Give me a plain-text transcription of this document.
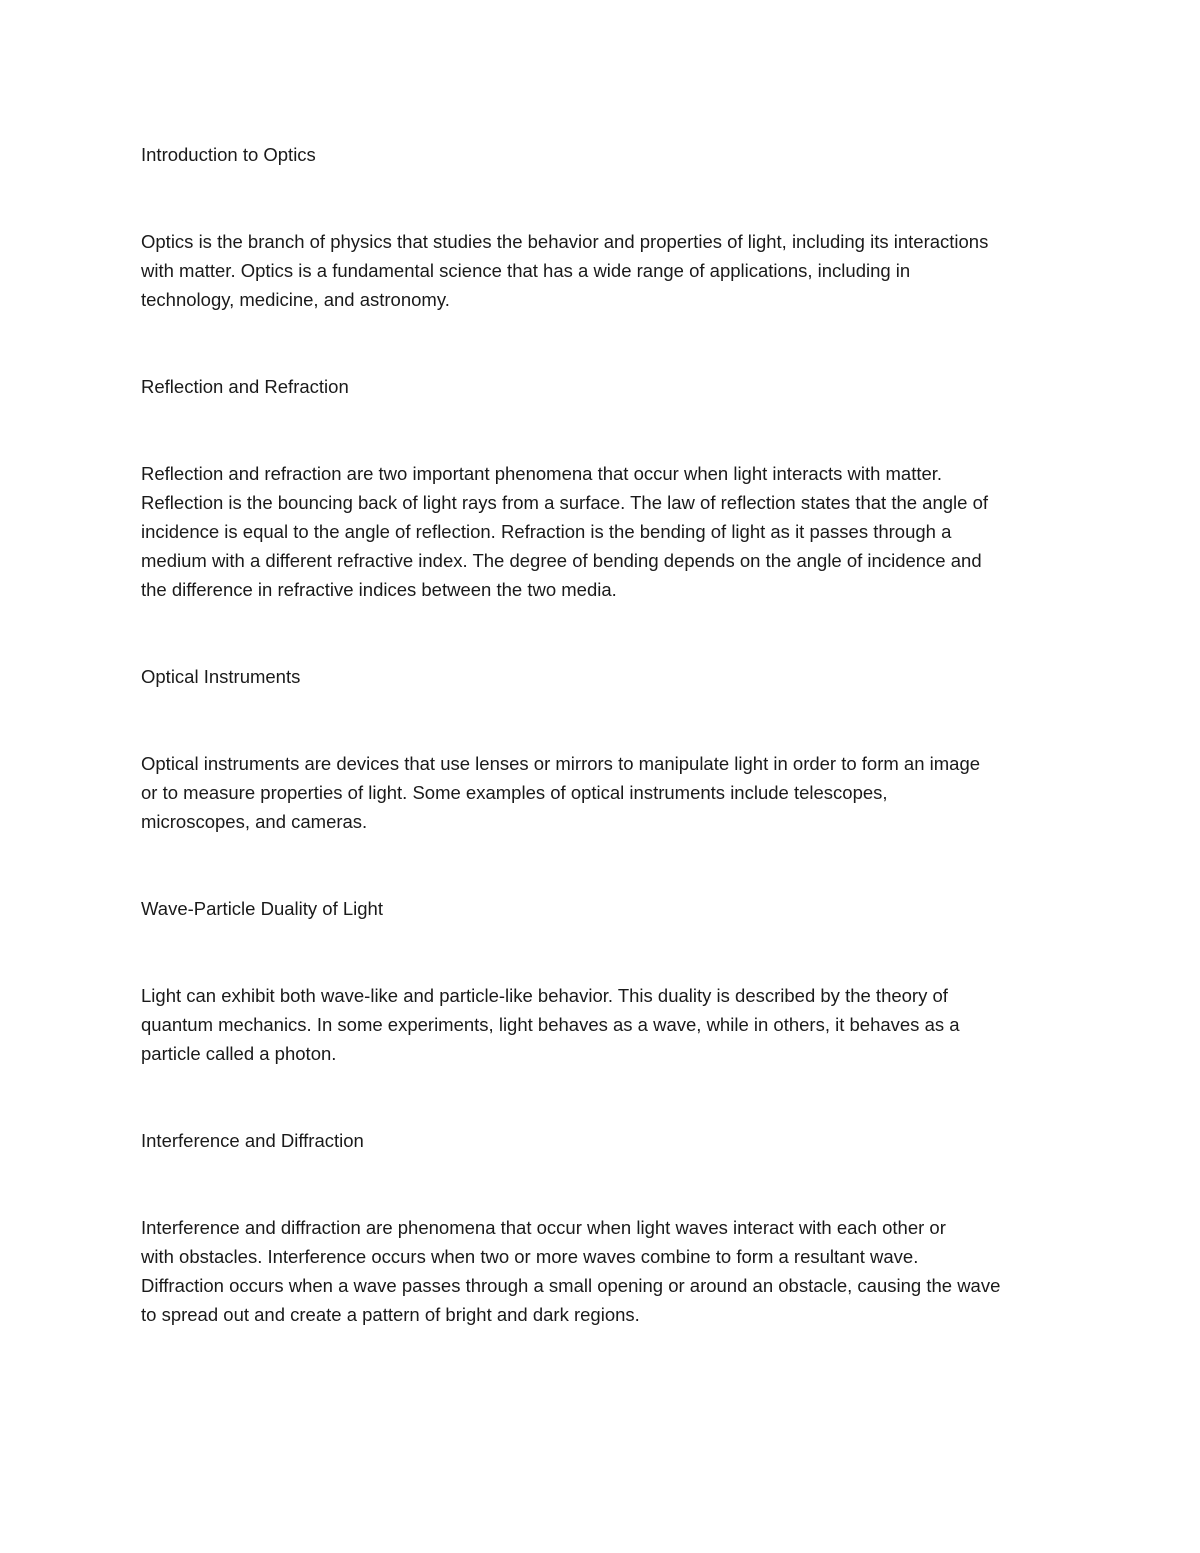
Introduction to Optics

Optics is the branch of physics that studies the behavior and properties of light, including its interactions
with matter. Optics is a fundamental science that has a wide range of applications, including in
technology, medicine, and astronomy.

Reflection and Refraction

Reflection and refraction are two important phenomena that occur when light interacts with matter.
Reflection is the bouncing back of light rays from a surface. The law of reflection states that the angle of
incidence is equal to the angle of reflection. Refraction is the bending of light as it passes through a
medium with a different refractive index. The degree of bending depends on the angle of incidence and
the difference in refractive indices between the two media.

Optical Instruments

Optical instruments are devices that use lenses or mirrors to manipulate light in order to form an image
or to measure properties of light. Some examples of optical instruments include telescopes,
microscopes, and cameras.

Wave-Particle Duality of Light

Light can exhibit both wave-like and particle-like behavior. This duality is described by the theory of
quantum mechanics. In some experiments, light behaves as a wave, while in others, it behaves as a
particle called a photon.

Interference and Diffraction

Interference and diffraction are phenomena that occur when light waves interact with each other or
with obstacles. Interference occurs when two or more waves combine to form a resultant wave.
Diffraction occurs when a wave passes through a small opening or around an obstacle, causing the wave
to spread out and create a pattern of bright and dark regions.
